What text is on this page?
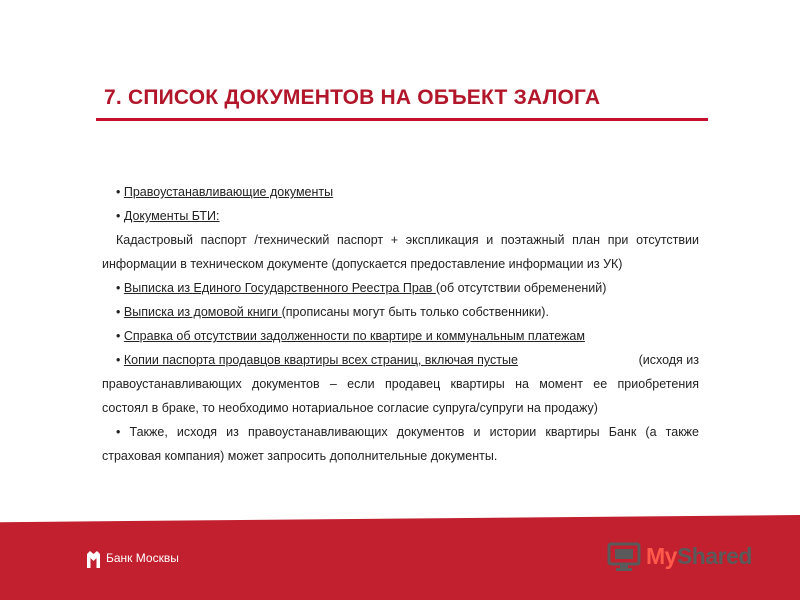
7. СПИСОК ДОКУМЕНТОВ НА ОБЪЕКТ ЗАЛОГА
• Правоустанавливающие документы
• Документы БТИ:
Кадастровый паспорт /технический паспорт + экспликация и поэтажный план при отсутствии
информации в техническом документе (допускается предоставление информации из УК)
• Выписка из Единого Государственного Реестра Прав (об отсутствии обременений)
• Выписка из домовой книги (прописаны могут быть только собственники).
• Справка об отсутствии задолженности по квартире и коммунальным платежам
• Копии паспорта продавцов квартиры всех страниц, включая пустые	(исходя из
правоустанавливающих документов – если продавец квартиры на момент ее приобретения
состоял в браке, то необходимо нотариальное согласие супруга/супруги на продажу)
• Также, исходя из правоустанавливающих документов и истории квартиры Банк (а также
страховая компания) может запросить дополнительные документы.
Банк Москвы	MyShared
